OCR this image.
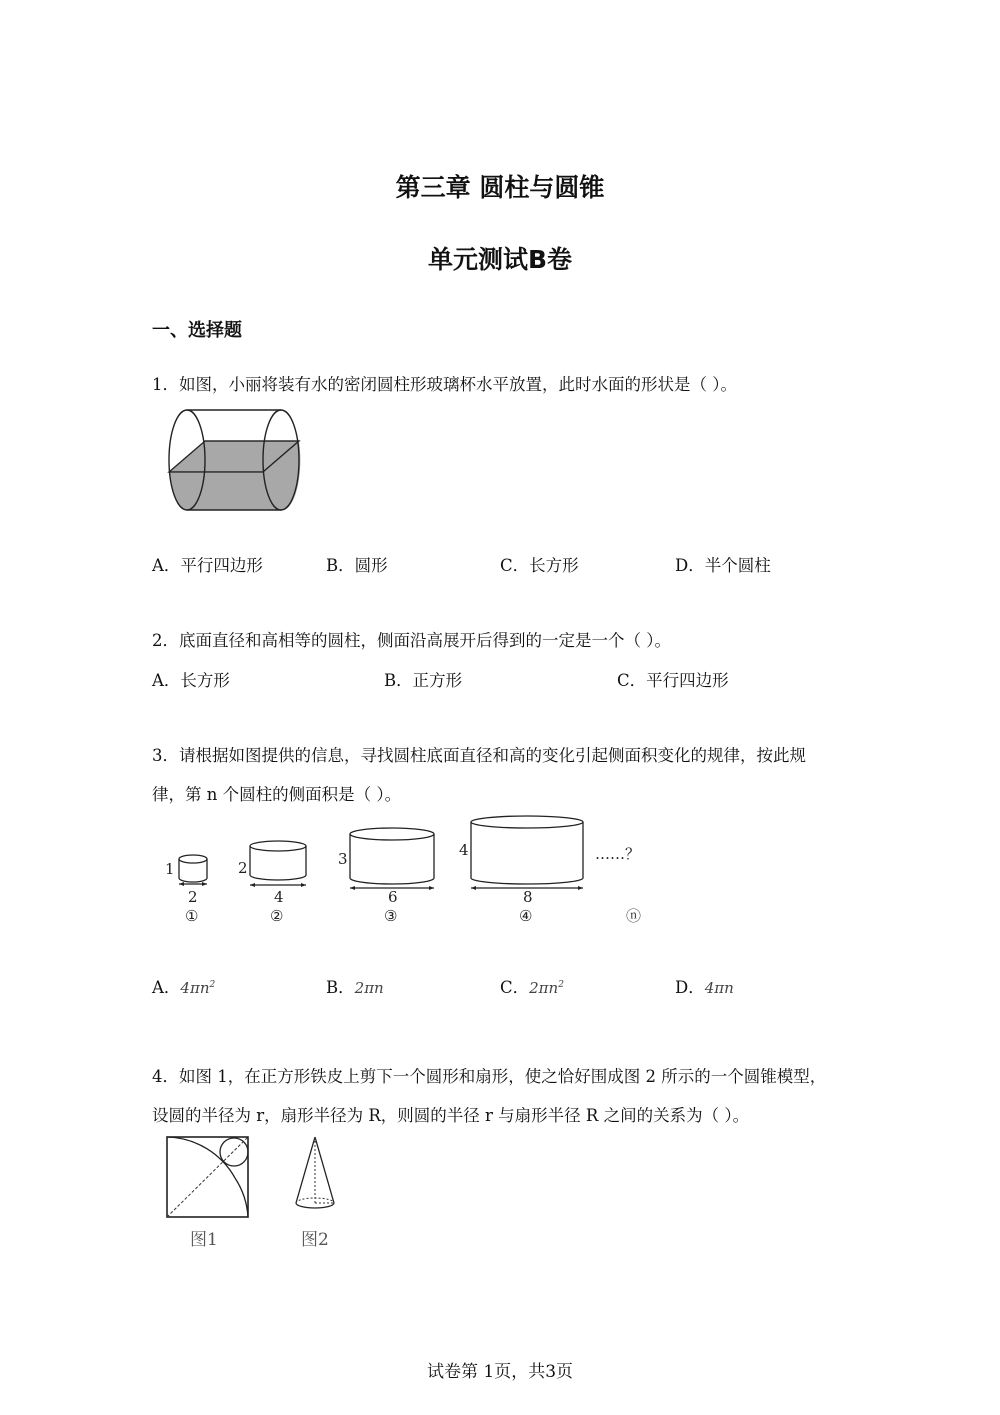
第三章 圆柱与圆锥
单元测试B卷
一、选择题
1．如图，小丽将装有水的密闭圆柱形玻璃杯水平放置，此时水面的形状是（ ）。
A．平行四边形	B．圆形	C．长方形	D．半个圆柱
2．底面直径和高相等的圆柱，侧面沿高展开后得到的一定是一个（ ）。
A．长方形	B．正方形	C．平行四边形
3．请根据如图提供的信息，寻找圆柱底面直径和高的变化引起侧面积变化的规律，按此规
律，第 n 个圆柱的侧面积是（ ）。
1	2	3	4
2	4	6	8
①	②	③	④	ⓝ
……？
A．$4\pi n^2$	B．2πn	C．$2\pi n^2$	D．4πn
4．如图 1，在正方形铁皮上剪下一个圆形和扇形，使之恰好围成图 2 所示的一个圆锥模型，
设圆的半径为 r，扇形半径为 R，则圆的半径 r 与扇形半径 R 之间的关系为（ ）。
图1	图2
试卷第 1页，共3页
